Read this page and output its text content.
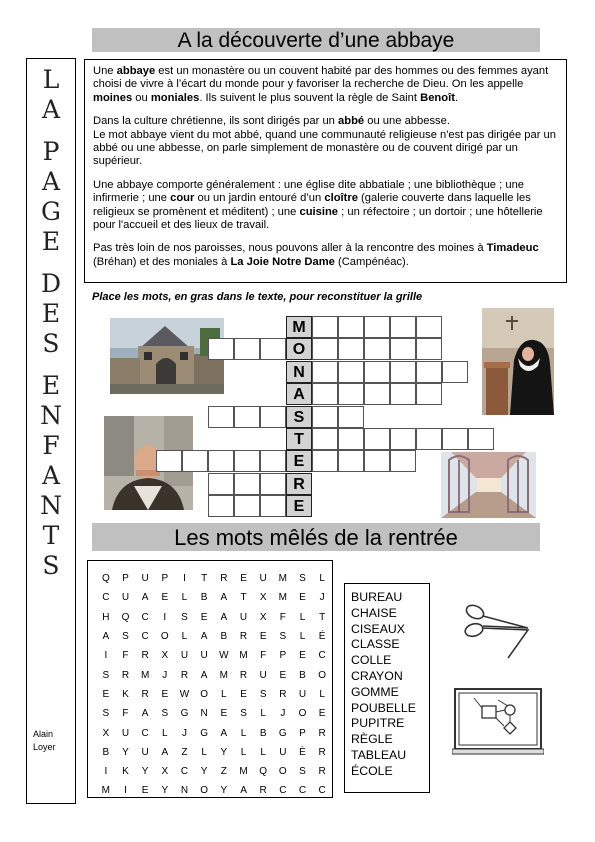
A la découverte d’une abbaye
L
A
P
A
G
E
D
E
S
E
N
F
A
N
T
S
Alain
Loyer

Une abbaye est un monastère ou un couvent habité par des hommes ou des femmes ayant choisi de vivre à l’écart du monde pour y favoriser la recherche de Dieu. On les appelle moines ou moniales. Ils suivent le plus souvent la règle de Saint Benoît.

Dans la culture chrétienne, ils sont dirigés par un abbé ou une abbesse.
Le mot abbaye vient du mot abbé, quand une communauté religieuse n'est pas dirigée par un abbé ou une abbesse, on parle simplement de monastère ou de couvent dirigé par un supérieur.

Une abbaye comporte généralement : une église dite abbatiale ; une bibliothèque ; une infirmerie ; une cour ou un jardin entouré d’un cloître (galerie couverte dans laquelle les religieux se promènent et méditent) ; une cuisine ; un réfectoire ; un dortoir ; une hôtellerie pour l'accueil et des lieux de travail.

Pas très loin de nos paroisses, nous pouvons aller à la rencontre des moines à Timadeuc (Bréhan) et des moniales à La Joie Notre Dame (Campénéac).

Place les mots, en gras dans le texte, pour reconstituer la grille
M
O
N
A
S
T
E
R
E
Les mots mêlés de la rentrée
Q	P	U	P	I	T	R	E	U	M	S	L
C	U	A	E	L	B	A	T	X	M	E	J
H	Q	C	I	S	E	A	U	X	F	L	T
A	S	C	O	L	A	B	R	E	S	L	É
I	F	R	X	U	U	W	M	F	P	E	C
S	R	M	J	R	A	M	R	U	E	B	O
E	K	R	E	W	O	L	E	S	R	U	L
S	F	A	S	G	N	E	S	L	J	O	E
X	U	C	L	J	G	A	L	B	G	P	R
B	Y	U	A	Z	L	Y	L	L	U	È	R
I	K	Y	X	C	Y	Z	M	Q	O	S	R
M	I	E	Y	N	O	Y	A	R	C	C	C
BUREAU
CHAISE
CISEAUX
CLASSE
COLLE
CRAYON
GOMME
POUBELLE
PUPITRE
RÈGLE
TABLEAU
ÉCOLE
